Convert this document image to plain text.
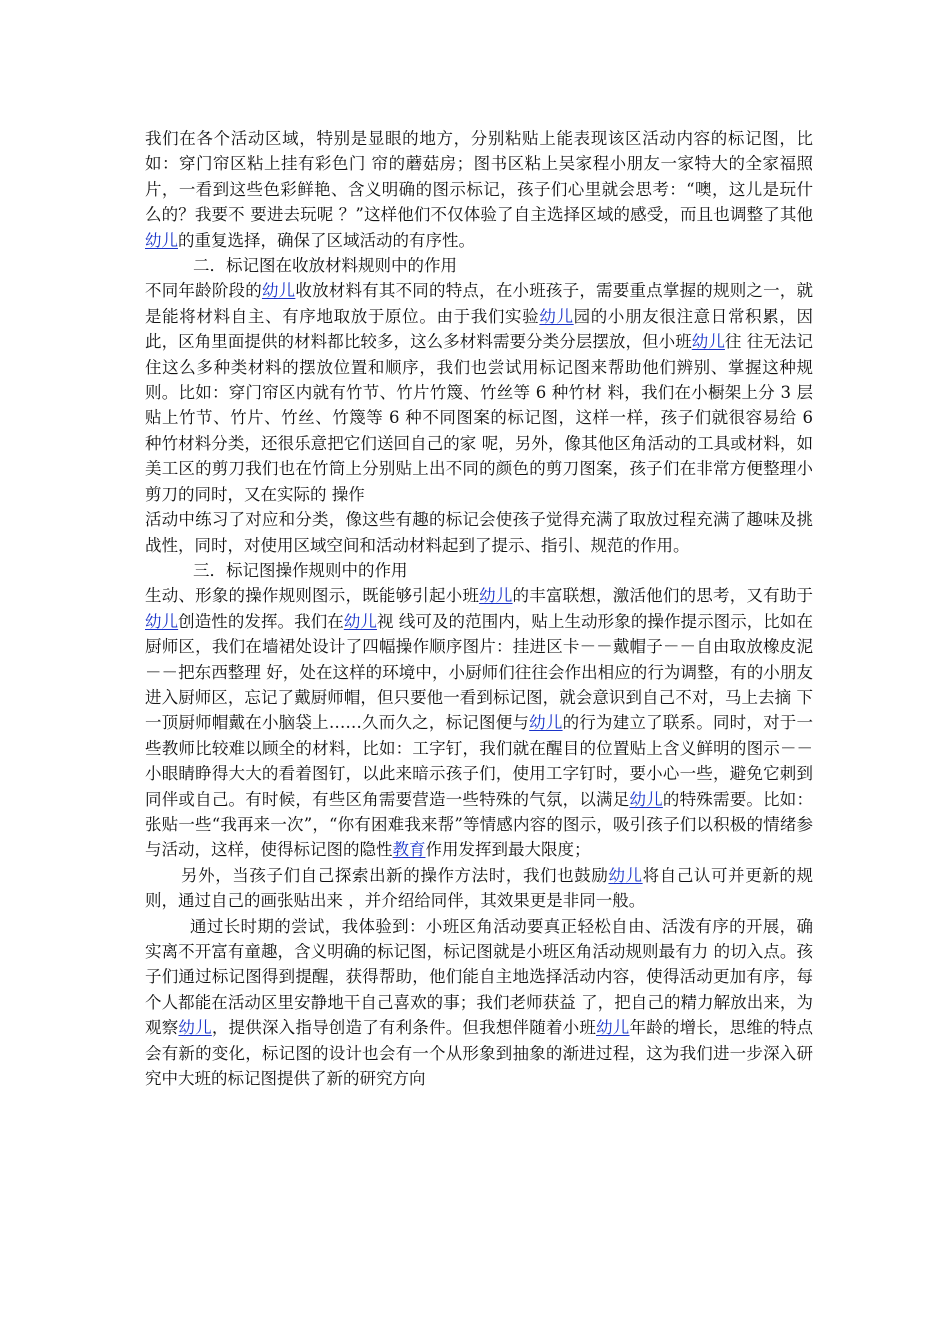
我们在各个活动区域，特别是显眼的地方，分别粘贴上能表现该区活动内容的标记图，比如：穿门帘区粘上挂有彩色门 帘的蘑菇房；图书区粘上吴家程小朋友一家特大的全家福照片，一看到这些色彩鲜艳、含义明确的图示标记，孩子们心里就会思考：“噢，这儿是玩什么的？我要不 要进去玩呢 ？”这样他们不仅体验了自主选择区域的感受，而且也调整了其他幼儿的重复选择，确保了区域活动的有序性。

二．标记图在收放材料规则中的作用

不同年龄阶段的幼儿收放材料有其不同的特点，在小班孩子，需要重点掌握的规则之一，就是能将材料自主、有序地取放于原位。由于我们实验幼儿园的小朋友很注意日常积累，因此，区角里面提供的材料都比较多，这么多材料需要分类分层摆放，但小班幼儿往 往无法记住这么多种类材料的摆放位置和顺序，我们也尝试用标记图来帮助他们辨别、掌握这种规则。比如：穿门帘区内就有竹节、竹片竹篾、竹丝等 6 种竹材 料，我们在小橱架上分 3 层贴上竹节、竹片、竹丝、竹篾等 6 种不同图案的标记图，这样一样，孩子们就很容易给 6 种竹材料分类，还很乐意把它们送回自己的家 呢，另外，像其他区角活动的工具或材料，如美工区的剪刀我们也在竹筒上分别贴上出不同的颜色的剪刀图案，孩子们在非常方便整理小剪刀的同时，又在实际的 操作

活动中练习了对应和分类，像这些有趣的标记会使孩子觉得充满了取放过程充满了趣味及挑战性，同时，对使用区域空间和活动材料起到了提示、指引、规范的作用。

三．标记图操作规则中的作用

生动、形象的操作规则图示，既能够引起小班幼儿的丰富联想，激活他们的思考，又有助于幼儿创造性的发挥。我们在幼儿视 线可及的范围内，贴上生动形象的操作提示图示，比如在厨师区，我们在墙裙处设计了四幅操作顺序图片：挂进区卡－－戴帽子－－自由取放橡皮泥－－把东西整理 好，处在这样的环境中，小厨师们往往会作出相应的行为调整，有的小朋友进入厨师区，忘记了戴厨师帽，但只要他一看到标记图，就会意识到自己不对，马上去摘 下一顶厨师帽戴在小脑袋上……久而久之，标记图便与幼儿的行为建立了联系。同时，对于一些教师比较难以顾全的材料，比如：工字钉，我们就在醒目的位置贴上含义鲜明的图示－－小眼睛睁得大大的看着图钉，以此来暗示孩子们，使用工字钉时，要小心一些，避免它刺到同伴或自己。有时候，有些区角需要营造一些特殊的气氛，以满足幼儿的特殊需要。比如：张贴一些“我再来一次”，“你有困难我来帮”等情感内容的图示，吸引孩子们以积极的情绪参与活动，这样，使得标记图的隐性教育作用发挥到最大限度；

另外，当孩子们自己探索出新的操作方法时，我们也鼓励幼儿将自己认可并更新的规则，通过自己的画张贴出来 ，并介绍给同伴，其效果更是非同一般。

通过长时期的尝试，我体验到：小班区角活动要真正轻松自由、活泼有序的开展，确实离不开富有童趣，含义明确的标记图，标记图就是小班区角活动规则最有力 的切入点。孩子们通过标记图得到提醒，获得帮助，他们能自主地选择活动内容，使得活动更加有序，每个人都能在活动区里安静地干自己喜欢的事；我们老师获益 了，把自己的精力解放出来，为观察幼儿，提供深入指导创造了有利条件。但我想伴随着小班幼儿年龄的增长，思维的特点会有新的变化，标记图的设计也会有一个从形象到抽象的渐进过程，这为我们进一步深入研究中大班的标记图提供了新的研究方向
